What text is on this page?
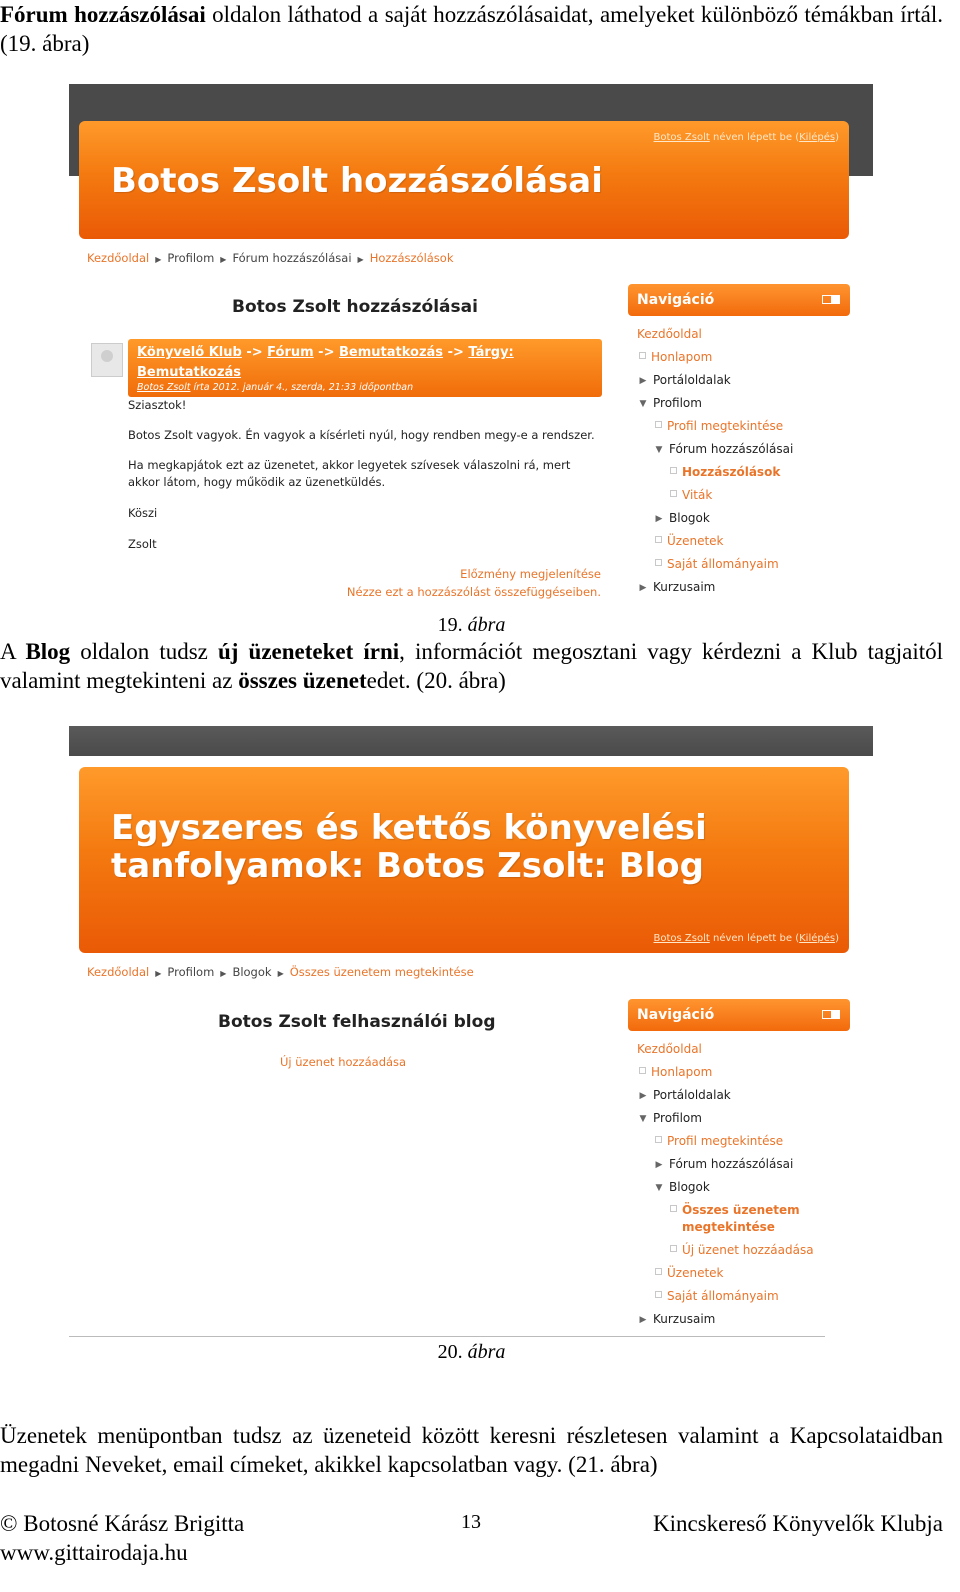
Fórum hozzászólásai oldalon láthatod a saját hozzászólásaidat, amelyeket különböző témákban írtál. (19. ábra)
Botos Zsolt hozzászólásai
Botos Zsolt néven lépett be (Kilépés)
Kezdőoldal ▶ Profilom ▶ Fórum hozzászólásai ▶ Hozzászólások
Botos Zsolt hozzászólásai
Könyvelő Klub -> Fórum -> Bemutatkozás -> Tárgy: Bemutatkozás
Botos Zsolt írta 2012. január 4., szerda, 21:33 időpontban
Sziasztok!
Botos Zsolt vagyok. Én vagyok a kísérleti nyúl, hogy rendben megy-e a rendszer.
Ha megkapjátok ezt az üzenetet, akkor legyetek szívesek válaszolni rá, mert akkor látom, hogy működik az üzenetküldés.
Köszi
Zsolt
Előzmény megjelenítése
Nézze ezt a hozzászólást összefüggéseiben.
Navigáció
Kezdőoldal
Honlapom
▶ Portáloldalak
▼ Profilom
Profil megtekintése
▼ Fórum hozzászólásai
Hozzászólások
Viták
▶ Blogok
Üzenetek
Saját állományaim
▶ Kurzusaim
19. ábra
A Blog oldalon tudsz új üzeneteket írni, információt megosztani vagy kérdezni a Klub tagjaitól valamint megtekinteni az összes üzenetedet. (20. ábra)
Egyszeres és kettős könyvelési
tanfolyamok: Botos Zsolt: Blog
Botos Zsolt néven lépett be (Kilépés)
Kezdőoldal ▶ Profilom ▶ Blogok ▶ Összes üzenetem megtekintése
Botos Zsolt felhasználói blog
Új üzenet hozzáadása
Navigáció
Kezdőoldal
Honlapom
▶ Portáloldalak
▼ Profilom
Profil megtekintése
▶ Fórum hozzászólásai
▼ Blogok
Összes üzenetem
megtekintése
Új üzenet hozzáadása
Üzenetek
Saját állományaim
▶ Kurzusaim
20. ábra
Üzenetek menüpontban tudsz az üzeneteid között keresni részletesen valamint a Kapcsolataidban megadni Neveket, email címeket, akikkel kapcsolatban vagy. (21. ábra)
© Botosné Kárász Brigitta
www.gittairodaja.hu
13	Kincskereső Könyvelők Klubja
